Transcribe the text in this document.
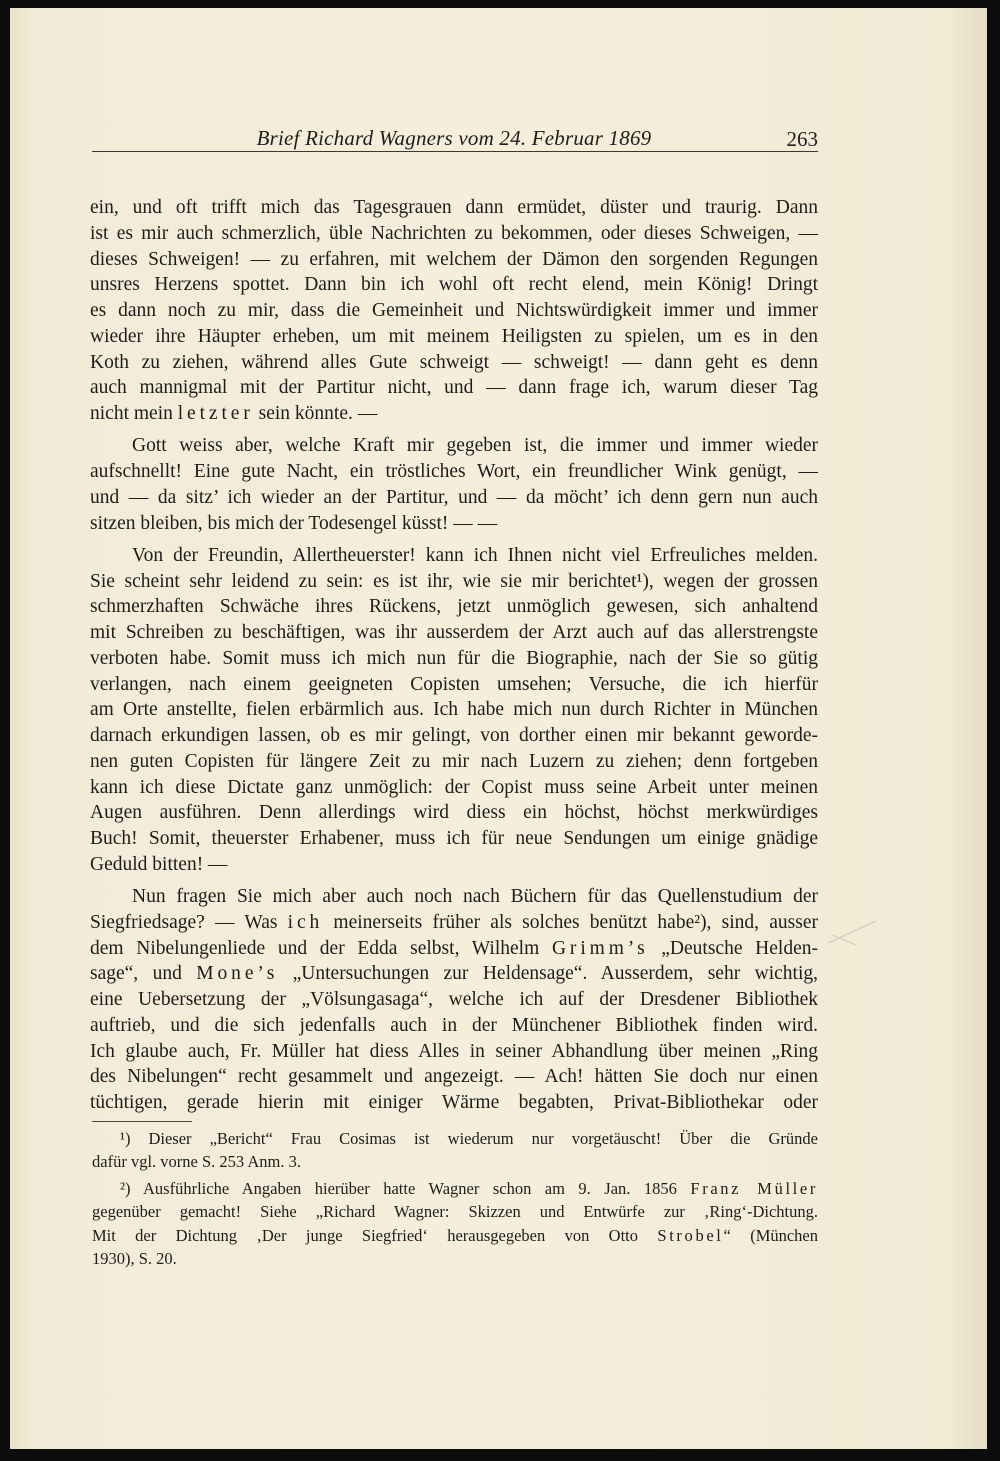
Brief Richard Wagners vom 24. Februar 1869	263
ein, und oft trifft mich das Tagesgrauen dann ermüdet, düster und traurig. Dann
ist es mir auch schmerzlich, üble Nachrichten zu bekommen, oder dieses Schweigen, —
dieses Schweigen! — zu erfahren, mit welchem der Dämon den sorgenden Regungen
unsres Herzens spottet. Dann bin ich wohl oft recht elend, mein König! Dringt
es dann noch zu mir, dass die Gemeinheit und Nichtswürdigkeit immer und immer
wieder ihre Häupter erheben, um mit meinem Heiligsten zu spielen, um es in den
Koth zu ziehen, während alles Gute schweigt — schweigt! — dann geht es denn
auch mannigmal mit der Partitur nicht, und — dann frage ich, warum dieser Tag
nicht mein letzter sein könnte. —
Gott weiss aber, welche Kraft mir gegeben ist, die immer und immer wieder
aufschnellt! Eine gute Nacht, ein tröstliches Wort, ein freundlicher Wink genügt, —
und — da sitz’ ich wieder an der Partitur, und — da möcht’ ich denn gern nun auch
sitzen bleiben, bis mich der Todesengel küsst! — —
Von der Freundin, Allertheuerster! kann ich Ihnen nicht viel Erfreuliches melden.
Sie scheint sehr leidend zu sein: es ist ihr, wie sie mir berichtet¹), wegen der grossen
schmerzhaften Schwäche ihres Rückens, jetzt unmöglich gewesen, sich anhaltend
mit Schreiben zu beschäftigen, was ihr ausserdem der Arzt auch auf das allerstrengste
verboten habe. Somit muss ich mich nun für die Biographie, nach der Sie so gütig
verlangen, nach einem geeigneten Copisten umsehen; Versuche, die ich hierfür
am Orte anstellte, fielen erbärmlich aus. Ich habe mich nun durch Richter in München
darnach erkundigen lassen, ob es mir gelingt, von dorther einen mir bekannt geworde-
nen guten Copisten für längere Zeit zu mir nach Luzern zu ziehen; denn fortgeben
kann ich diese Dictate ganz unmöglich: der Copist muss seine Arbeit unter meinen
Augen ausführen. Denn allerdings wird diess ein höchst, höchst merkwürdiges
Buch! Somit, theuerster Erhabener, muss ich für neue Sendungen um einige gnädige
Geduld bitten! —
Nun fragen Sie mich aber auch noch nach Büchern für das Quellenstudium der
Siegfriedsage? — Was ich meinerseits früher als solches benützt habe²), sind, ausser
dem Nibelungenliede und der Edda selbst, Wilhelm Grimm’s „Deutsche Helden-
sage“, und Mone’s „Untersuchungen zur Heldensage“. Ausserdem, sehr wichtig,
eine Uebersetzung der „Völsungasaga“, welche ich auf der Dresdener Bibliothek
auftrieb, und die sich jedenfalls auch in der Münchener Bibliothek finden wird.
Ich glaube auch, Fr. Müller hat diess Alles in seiner Abhandlung über meinen „Ring
des Nibelungen“ recht gesammelt und angezeigt. — Ach! hätten Sie doch nur einen
tüchtigen, gerade hierin mit einiger Wärme begabten, Privat-Bibliothekar oder
¹) Dieser „Bericht“ Frau Cosimas ist wiederum nur vorgetäuscht! Über die Gründe
dafür vgl. vorne S. 253 Anm. 3.
²) Ausführliche Angaben hierüber hatte Wagner schon am 9. Jan. 1856 Franz Müller
gegenüber gemacht! Siehe „Richard Wagner: Skizzen und Entwürfe zur ‚Ring‘-Dichtung.
Mit der Dichtung ‚Der junge Siegfried‘ herausgegeben von Otto Strobel“ (München
1930), S. 20.
